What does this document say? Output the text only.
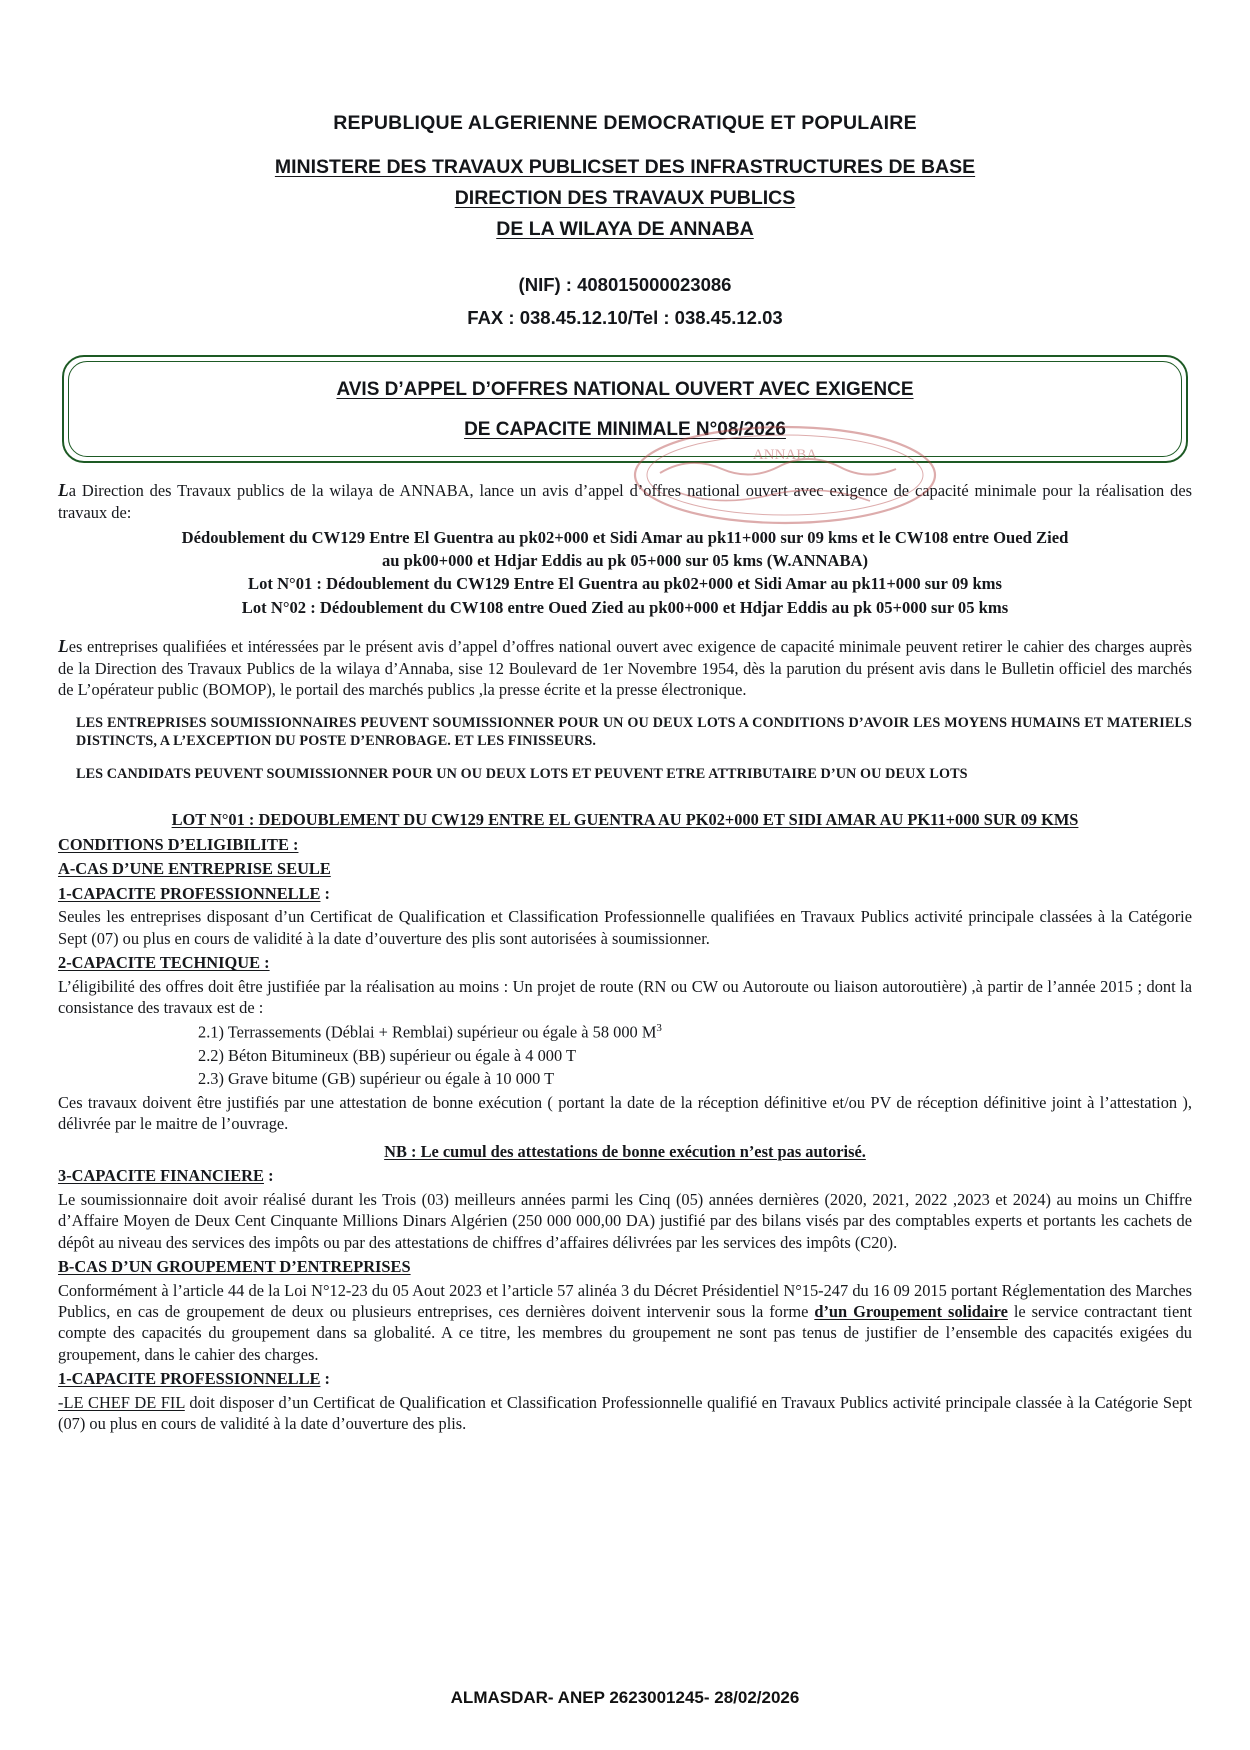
REPUBLIQUE ALGERIENNE DEMOCRATIQUE ET POPULAIRE
MINISTERE DES TRAVAUX PUBLICSET DES INFRASTRUCTURES DE BASE
DIRECTION DES TRAVAUX PUBLICS
DE LA WILAYA DE ANNABA
(NIF) : 408015000023086
FAX : 038.45.12.10/Tel : 038.45.12.03
AVIS D’APPEL D’OFFRES NATIONAL OUVERT AVEC EXIGENCE
DE CAPACITE MINIMALE N°08/2026
ANNABA
La Direction des Travaux publics de la wilaya de ANNABA, lance un avis d’appel d’offres national ouvert avec exigence de capacité minimale pour la réalisation des travaux de:
Dédoublement du CW129 Entre El Guentra au pk02+000 et Sidi Amar au pk11+000 sur 09 kms et le CW108 entre Oued Zied
au pk00+000 et Hdjar Eddis au pk 05+000 sur 05 kms (W.ANNABA)
Lot N°01 : Dédoublement du CW129 Entre El Guentra au pk02+000 et Sidi Amar au pk11+000 sur 09 kms
Lot N°02 : Dédoublement du CW108 entre Oued Zied au pk00+000 et Hdjar Eddis au pk 05+000 sur 05 kms
Les entreprises qualifiées et intéressées par le présent avis d’appel d’offres national ouvert avec exigence de capacité minimale peuvent retirer le cahier des charges auprès de la Direction des Travaux Publics de la wilaya d’Annaba, sise 12 Boulevard de 1er Novembre 1954, dès la parution du présent avis dans le Bulletin officiel des marchés de L’opérateur public (BOMOP), le portail des marchés publics ,la presse écrite et la presse électronique.
LES ENTREPRISES SOUMISSIONNAIRES PEUVENT SOUMISSIONNER POUR UN OU DEUX LOTS A CONDITIONS D’AVOIR LES MOYENS HUMAINS ET MATERIELS DISTINCTS, A L’EXCEPTION DU POSTE D’ENROBAGE. ET LES FINISSEURS.
LES CANDIDATS PEUVENT SOUMISSIONNER POUR UN OU DEUX LOTS ET PEUVENT ETRE ATTRIBUTAIRE D’UN OU DEUX LOTS
LOT N°01 : DEDOUBLEMENT DU CW129 ENTRE EL GUENTRA AU PK02+000 ET SIDI AMAR AU PK11+000 SUR 09 KMS
CONDITIONS D’ELIGIBILITE :
A-CAS D’UNE ENTREPRISE SEULE
1-CAPACITE PROFESSIONNELLE :
Seules les entreprises disposant d’un Certificat de Qualification et Classification Professionnelle qualifiées en Travaux Publics activité principale classées à la Catégorie Sept (07) ou plus en cours de validité à la date d’ouverture des plis sont autorisées à soumissionner.
2-CAPACITE TECHNIQUE :
L’éligibilité des offres doit être justifiée par la réalisation au moins : Un projet de route (RN ou CW ou Autoroute ou liaison autoroutière) ,à partir de l’année 2015 ; dont la consistance des travaux est de :
2.1) Terrassements (Déblai + Remblai) supérieur ou égale à 58 000 $M^3$
2.2) Béton Bitumineux (BB) supérieur ou égale à 4 000 T
2.3) Grave bitume (GB) supérieur ou égale à 10 000 T
Ces travaux doivent être justifiés par une attestation de bonne exécution ( portant la date de la réception définitive et/ou PV de réception définitive joint à l’attestation ), délivrée par le maitre de l’ouvrage.
NB : Le cumul des attestations de bonne exécution n’est pas autorisé.
3-CAPACITE FINANCIERE :
Le soumissionnaire doit avoir réalisé durant les Trois (03) meilleurs années parmi les Cinq (05) années dernières (2020, 2021, 2022 ,2023 et 2024) au moins un Chiffre d’Affaire Moyen de Deux Cent Cinquante Millions Dinars Algérien (250 000 000,00 DA) justifié par des bilans visés par des comptables experts et portants les cachets de dépôt au niveau des services des impôts ou par des attestations de chiffres d’affaires délivrées par les services des impôts (C20).
B-CAS D’UN GROUPEMENT D’ENTREPRISES
Conformément à l’article 44 de la Loi N°12-23 du 05 Aout 2023 et l’article 57 alinéa 3 du Décret Présidentiel N°15-247 du 16 09 2015 portant Réglementation des Marches Publics, en cas de groupement de deux ou plusieurs entreprises, ces dernières doivent intervenir sous la forme d’un Groupement solidaire le service contractant tient compte des capacités du groupement dans sa globalité. A ce titre, les membres du groupement ne sont pas tenus de justifier de l’ensemble des capacités exigées du groupement, dans le cahier des charges.
1-CAPACITE PROFESSIONNELLE :
-LE CHEF DE FIL doit disposer d’un Certificat de Qualification et Classification Professionnelle qualifié en Travaux Publics activité principale classée à la Catégorie Sept (07) ou plus en cours de validité à la date d’ouverture des plis.
ALMASDAR- ANEP 2623001245- 28/02/2026
